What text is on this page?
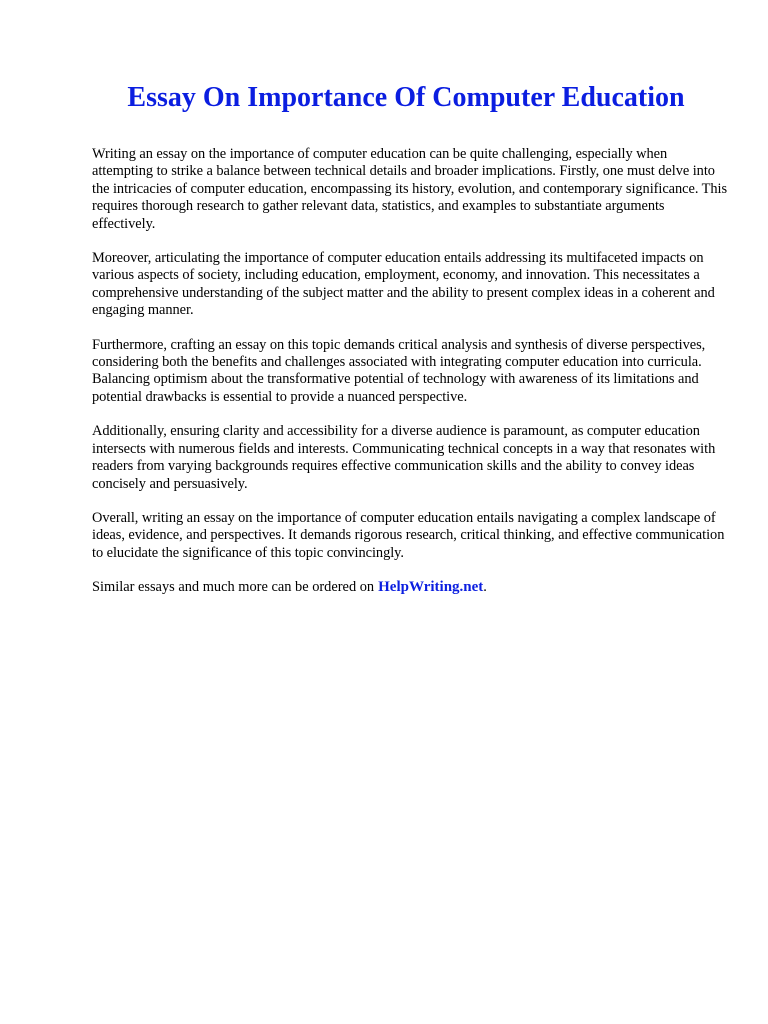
Essay On Importance Of Computer Education

Writing an essay on the importance of computer education can be quite challenging, especially when attempting to strike a balance between technical details and broader implications. Firstly, one must delve into the intricacies of computer education, encompassing its history, evolution, and contemporary significance. This requires thorough research to gather relevant data, statistics, and examples to substantiate arguments effectively.

Moreover, articulating the importance of computer education entails addressing its multifaceted impacts on various aspects of society, including education, employment, economy, and innovation. This necessitates a comprehensive understanding of the subject matter and the ability to present complex ideas in a coherent and engaging manner.

Furthermore, crafting an essay on this topic demands critical analysis and synthesis of diverse perspectives, considering both the benefits and challenges associated with integrating computer education into curricula. Balancing optimism about the transformative potential of technology with awareness of its limitations and potential drawbacks is essential to provide a nuanced perspective.

Additionally, ensuring clarity and accessibility for a diverse audience is paramount, as computer education intersects with numerous fields and interests. Communicating technical concepts in a way that resonates with readers from varying backgrounds requires effective communication skills and the ability to convey ideas concisely and persuasively.

Overall, writing an essay on the importance of computer education entails navigating a complex landscape of ideas, evidence, and perspectives. It demands rigorous research, critical thinking, and effective communication to elucidate the significance of this topic convincingly.

Similar essays and much more can be ordered on HelpWriting.net.
